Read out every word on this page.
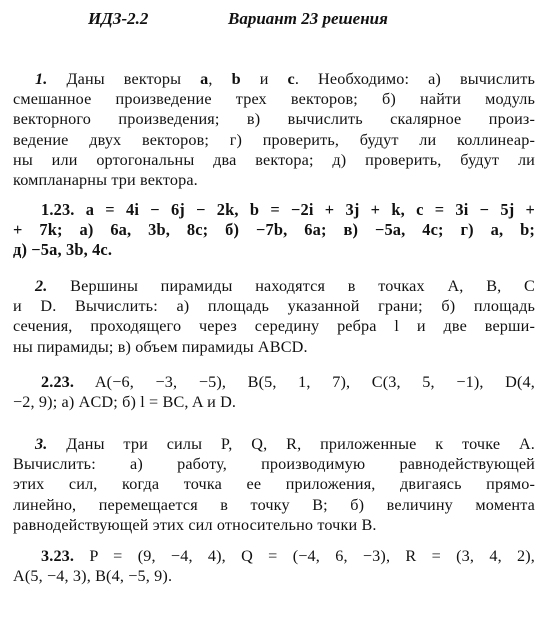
ИДЗ-2.2	Вариант 23 решения
1. Даны векторы a, b и c. Необходимо: а) вычислить
смешанное произведение трех векторов; б) найти модуль
векторного произведения; в) вычислить скалярное произ-
ведение двух векторов; г) проверить, будут ли коллинеар-
ны или ортогональны два вектора; д) проверить, будут ли
компланарны три вектора.
1.23. a = 4i − 6j − 2k, b = −2i + 3j + k, c = 3i − 5j +
+ 7k; а) 6a, 3b, 8c; б) −7b, 6a; в) −5a, 4c; г) a, b;
д) −5a, 3b, 4c.
2. Вершины пирамиды находятся в точках A, B, C
и D. Вычислить: а) площадь указанной грани; б) площадь
сечения, проходящего через середину ребра l и две верши-
ны пирамиды; в) объем пирамиды ABCD.
2.23. A(−6, −3, −5), B(5, 1, 7), C(3, 5, −1), D(4,
−2, 9); а) ACD; б) l = BC, A и D.
3. Даны три силы P, Q, R, приложенные к точке A.
Вычислить: а) работу, производимую равнодействующей
этих сил, когда точка ее приложения, двигаясь прямо-
линейно, перемещается в точку B; б) величину момента
равнодействующей этих сил относительно точки B.
3.23. P = (9, −4, 4), Q = (−4, 6, −3), R = (3, 4, 2),
A(5, −4, 3), B(4, −5, 9).
